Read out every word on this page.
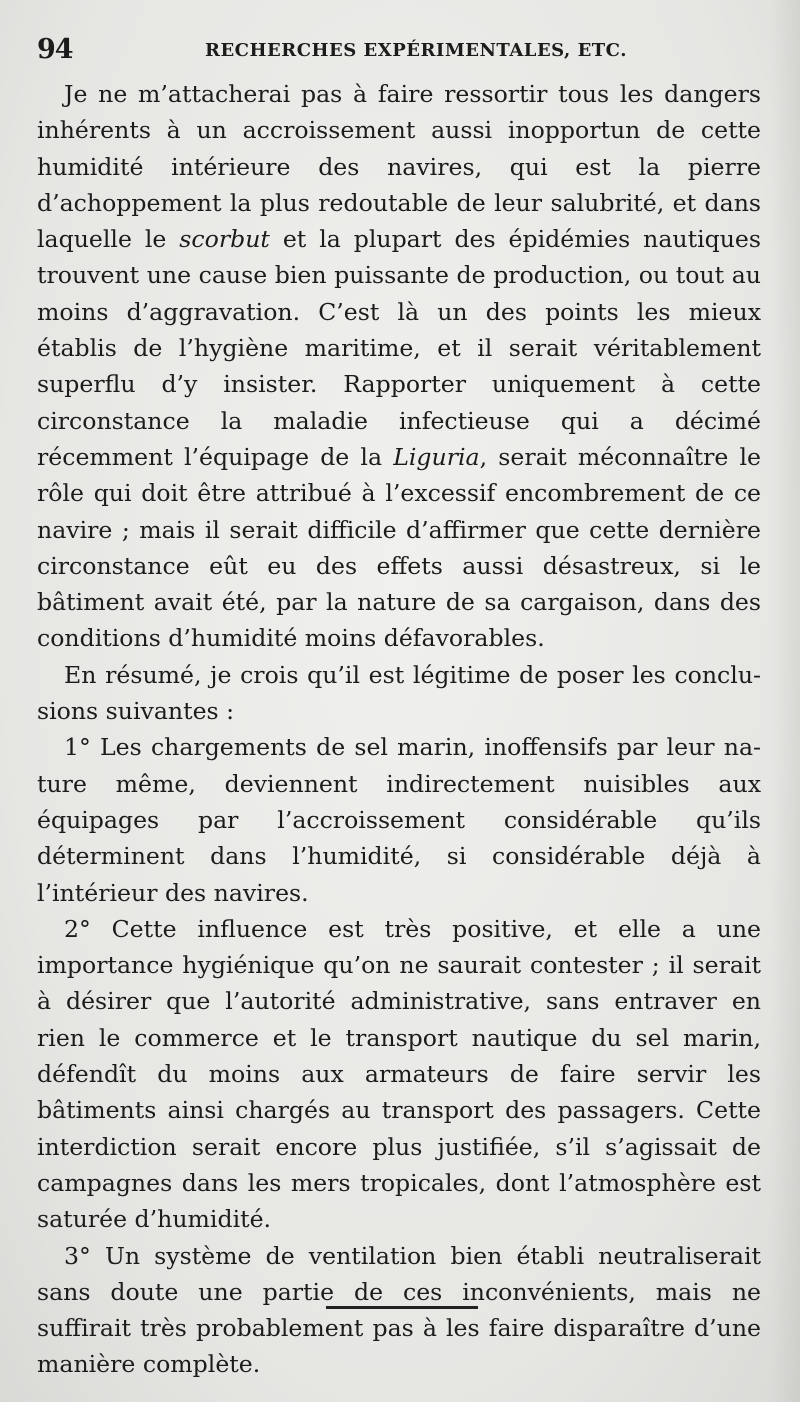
94	RECHERCHES EXPÉRIMENTALES, ETC.

Je ne m’attacherai pas à faire ressortir tous les dangers inhérents à un accroissement aussi inopportun de cette humidité intérieure des navires, qui est la pierre d’achoppement la plus redoutable de leur salubrité, et dans laquelle le scorbut et la plupart des épidémies nautiques trouvent une cause bien puissante de production, ou tout au moins d’aggravation. C’est là un des points les mieux établis de l’hygiène maritime, et il serait véritablement superflu d’y insister. Rapporter uniquement à cette circonstance la maladie infectieuse qui a décimé récemment l’équipage de la Liguria, serait méconnaître le rôle qui doit être attribué à l’excessif encombrement de ce navire ; mais il serait difficile d’affirmer que cette dernière circonstance eût eu des effets aussi désastreux, si le bâtiment avait été, par la nature de sa cargaison, dans des conditions d’humidité moins défavorables.

En résumé, je crois qu’il est légitime de poser les conclusions suivantes :

1° Les chargements de sel marin, inoffensifs par leur nature même, deviennent indirectement nuisibles aux équipages par l’accroissement considérable qu’ils déterminent dans l’humidité, si considérable déjà à l’intérieur des navires.

2° Cette influence est très positive, et elle a une importance hygiénique qu’on ne saurait contester ; il serait à désirer que l’autorité administrative, sans entraver en rien le commerce et le transport nautique du sel marin, défendît du moins aux armateurs de faire servir les bâtiments ainsi chargés au transport des passagers. Cette interdiction serait encore plus justifiée, s’il s’agissait de campagnes dans les mers tropicales, dont l’atmosphère est saturée d’humidité.

3° Un système de ventilation bien établi neutraliserait sans doute une partie de ces inconvénients, mais ne suffirait très probablement pas à les faire disparaître d’une manière complète.
